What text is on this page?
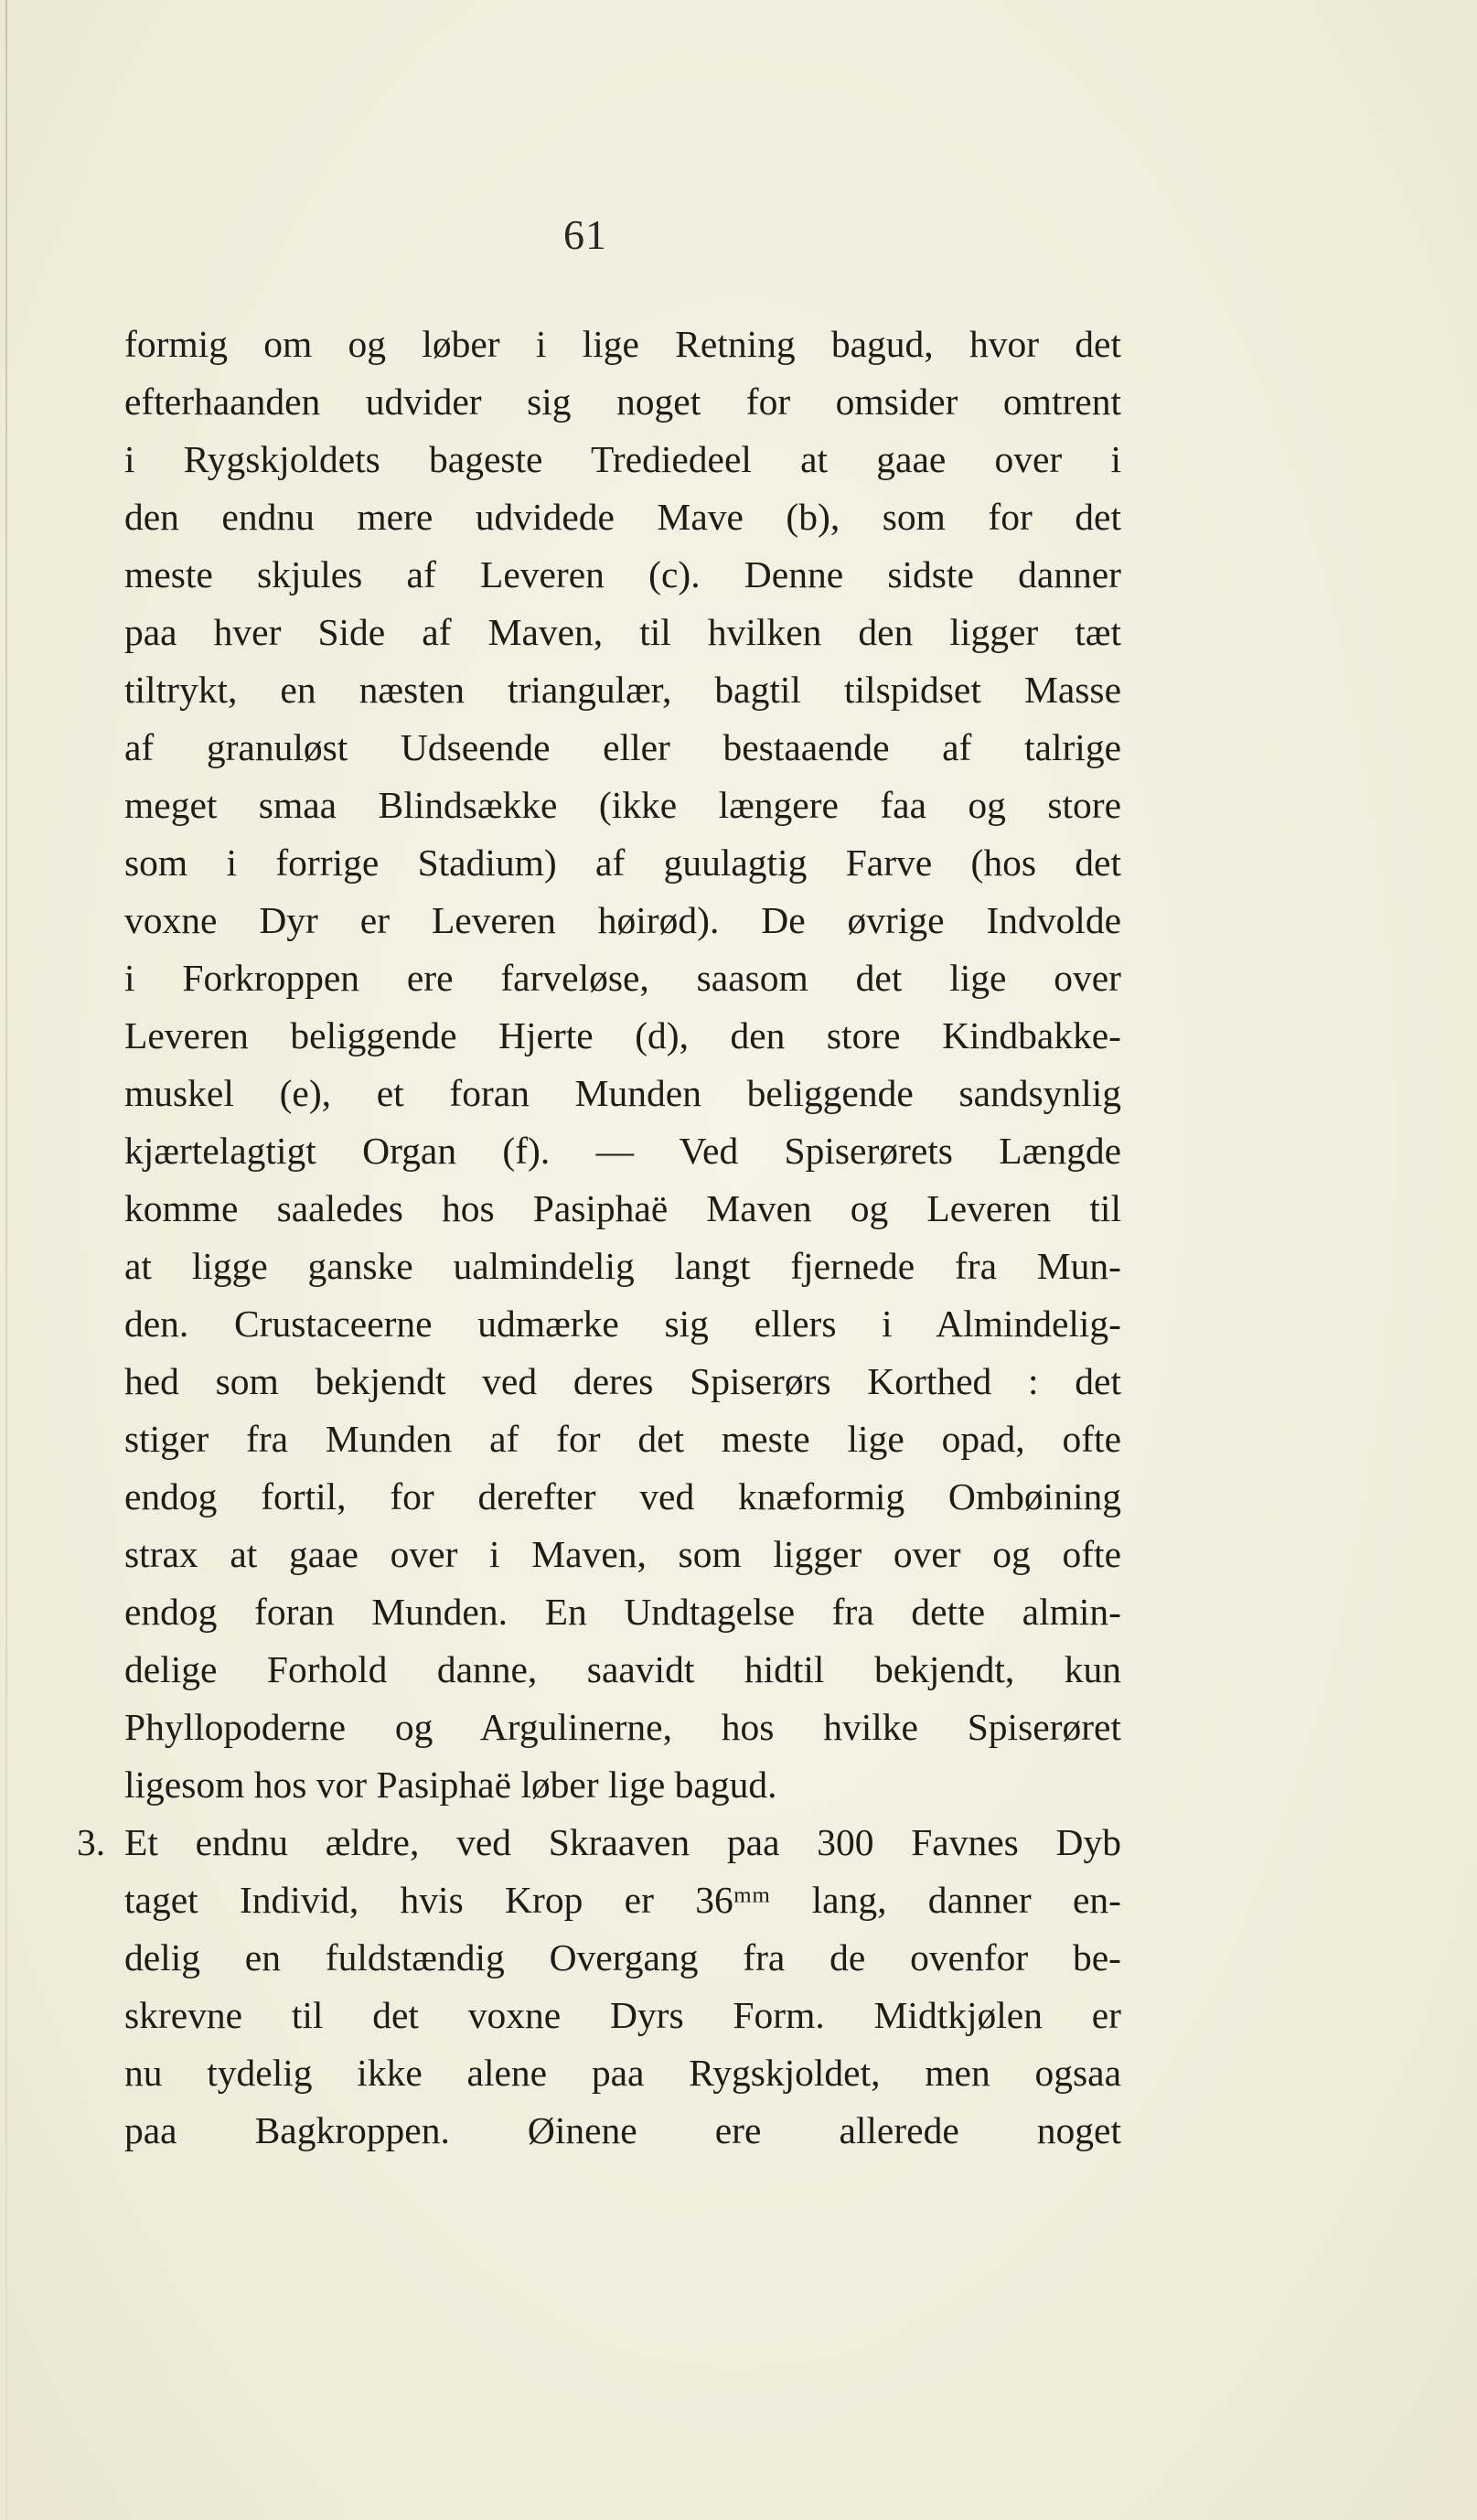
61
formig om og løber i lige Retning bagud, hvor det
efterhaanden udvider sig noget for omsider omtrent
i Rygskjoldets bageste Trediedeel at gaae over i
den endnu mere udvidede Mave (b), som for det
meste skjules af Leveren (c). Denne sidste danner
paa hver Side af Maven, til hvilken den ligger tæt
tiltrykt, en næsten triangulær, bagtil tilspidset Masse
af granuløst Udseende eller bestaaende af talrige
meget smaa Blindsække (ikke længere faa og store
som i forrige Stadium) af guulagtig Farve (hos det
voxne Dyr er Leveren høirød). De øvrige Indvolde
i Forkroppen ere farveløse, saasom det lige over
Leveren beliggende Hjerte (d), den store Kindbakke-
muskel (e), et foran Munden beliggende sandsynlig
kjærtelagtigt Organ (f). — Ved Spiserørets Længde
komme saaledes hos Pasiphaë Maven og Leveren til
at ligge ganske ualmindelig langt fjernede fra Mun-
den. Crustaceerne udmærke sig ellers i Almindelig-
hed som bekjendt ved deres Spiserørs Korthed : det
stiger fra Munden af for det meste lige opad, ofte
endog fortil, for derefter ved knæformig Ombøining
strax at gaae over i Maven, som ligger over og ofte
endog foran Munden. En Undtagelse fra dette almin-
delige Forhold danne, saavidt hidtil bekjendt, kun
Phyllopoderne og Argulinerne, hos hvilke Spiserøret
ligesom hos vor Pasiphaë løber lige bagud.
3. Et endnu ældre, ved Skraaven paa 300 Favnes Dyb
taget Individ, hvis Krop er 36ᵐᵐ lang, danner en-
delig en fuldstændig Overgang fra de ovenfor be-
skrevne til det voxne Dyrs Form. Midtkjølen er
nu tydelig ikke alene paa Rygskjoldet, men ogsaa
paa Bagkroppen. Øinene ere allerede noget
